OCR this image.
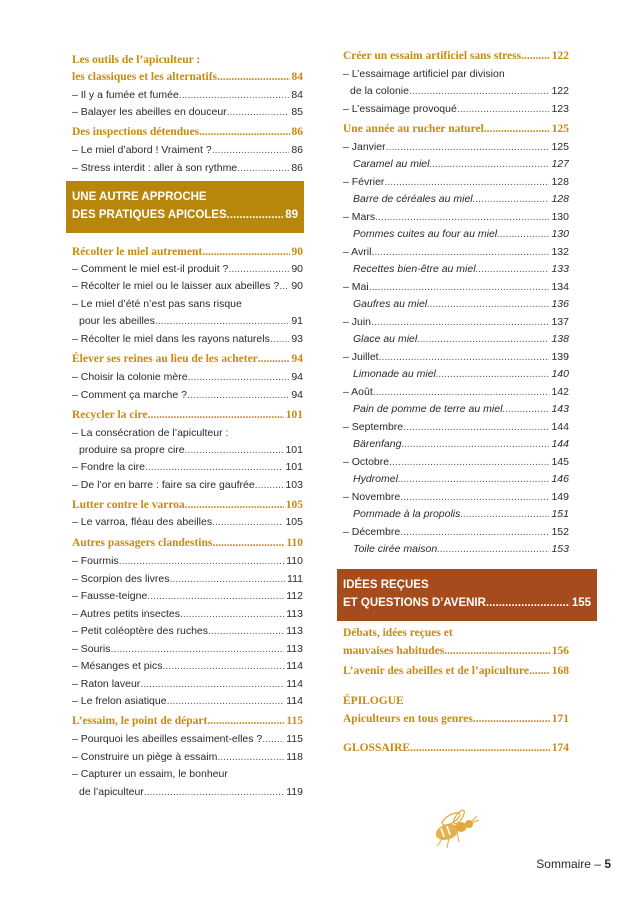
Les outils de l’apiculteur :
les classiques et les alternatifs .....	84
– Il y a fumée et fumée .....	84
– Balayer les abeilles en douceur .....	85
Des inspections détendues .....	86
– Le miel d’abord ! Vraiment ? .....	86
– Stress interdit : aller à son rythme .....	86
Récolter le miel autrement .....	90
– Comment le miel est-il produit ? .....	90
– Récolter le miel ou le laisser aux abeilles ? ..... 90
– Le miel d’été n’est pas sans risque
pour les abeilles .....	91
– Récolter le miel dans les rayons naturels ..... 93
Élever ses reines au lieu de les acheter .....	94
– Choisir la colonie mère .....	94
– Comment ça marche ? .....	94
Recycler la cire .....	101
– La consécration de l’apiculteur :
produire sa propre cire .....	101
– Fondre la cire .....	101
– De l’or en barre : faire sa cire gaufrée .....	103
Lutter contre le varroa .....	105
– Le varroa, fléau des abeilles .....	105
Autres passagers clandestins .....	110
– Fourmis .....	110
– Scorpion des livres .....	111
– Fausse-teigne .....	112
– Autres petits insectes .....	113
– Petit coléoptère des ruches .....	113
– Souris .....	113
– Mésanges et pics .....	114
– Raton laveur .....	114
– Le frelon asiatique .....	114
L’essaim, le point de départ .....	115
– Pourquoi les abeilles essaiment-elles ? ..... 115
– Construire un piège à essaim .....	118
– Capturer un essaim, le bonheur
de l’apiculteur .....	119
Créer un essaim artificiel sans stress .....	122
– L’essaimage artificiel par division
de la colonie .....	122
– L’essaimage provoqué .....	123
Une année au rucher naturel .....	125
– Janvier .....	125
Caramel au miel .....	127
– Février .....	128
Barre de céréales au miel .....	128
– Mars .....	130
Pommes cuites au four au miel .....	130
– Avril .....	132
Recettes bien-être au miel .....	133
– Mai .....	134
Gaufres au miel .....	136
– Juin .....	137
Glace au miel .....	138
– Juillet .....	139
Limonade au miel .....	140
– Août .....	142
Pain de pomme de terre au miel .....	143
– Septembre .....	144
Bärenfang .....	144
– Octobre .....	145
Hydromel .....	146
– Novembre .....	149
Pommade à la propolis .....	151
– Décembre .....	152
Toile cirée maison .....	153
Débats, idées reçues et
mauvaises habitudes .....	156
L’avenir des abeilles et de l’apiculture ..... 168
ÉPILOGUE
Apiculteurs en tous genres .....	171
GLOSSAIRE .....	174
UNE AUTRE APPROCHE
DES PRATIQUES APICOLES .....	89
IDÉES REÇUES
ET QUESTIONS D’AVENIR .....	155
Sommaire – 5
